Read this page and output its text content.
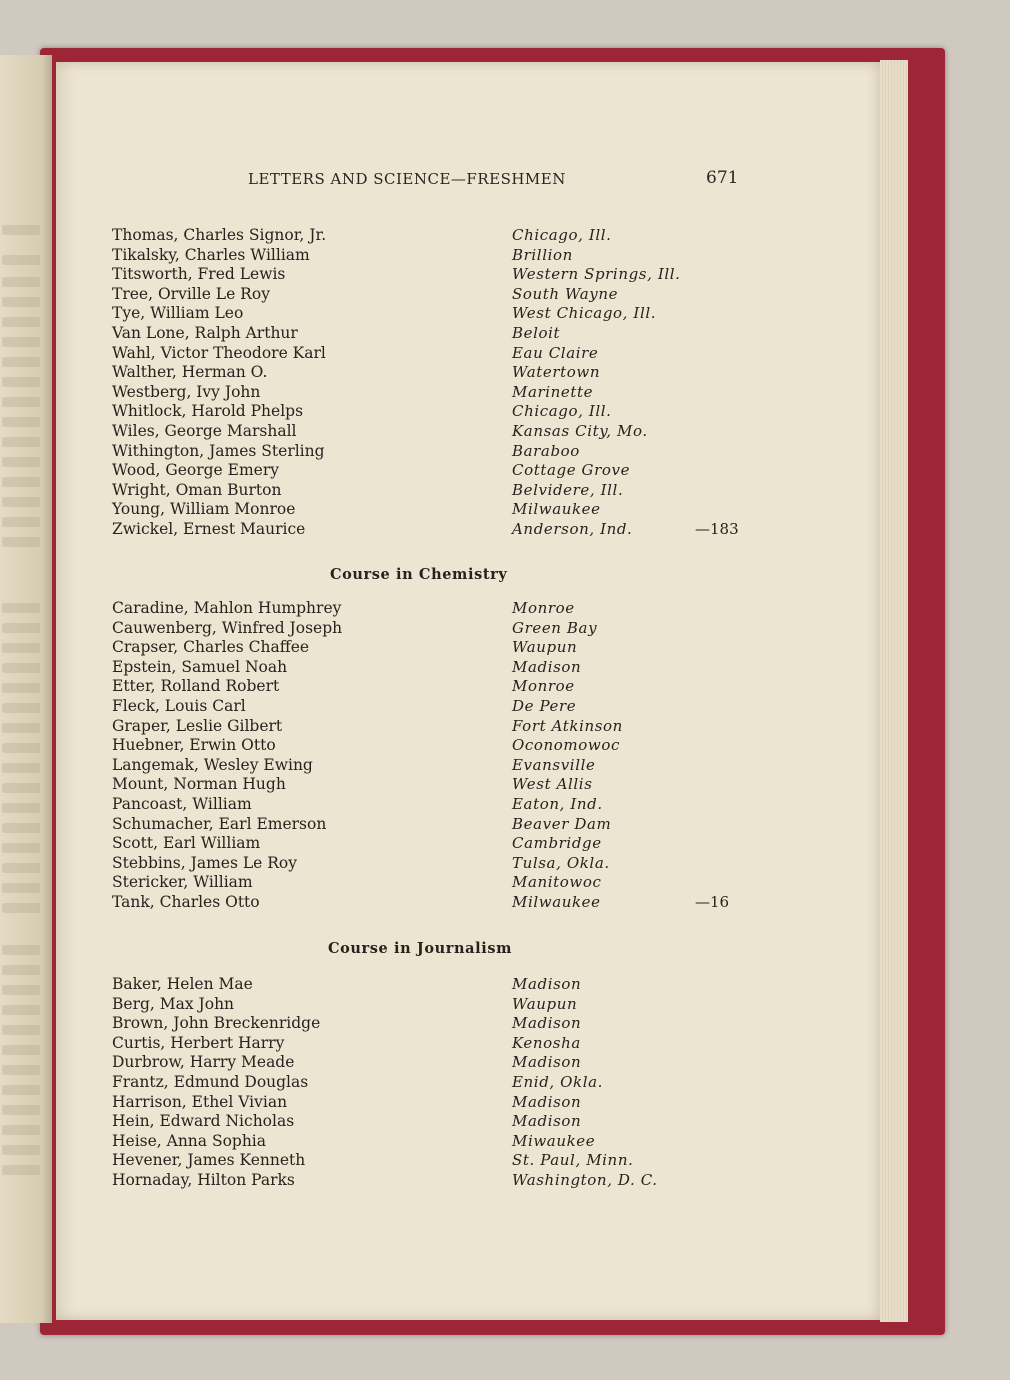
LETTERS AND SCIENCE—FRESHMEN	671
Thomas, Charles Signor, Jr.	Chicago, Ill.
Tikalsky, Charles William	Brillion
Titsworth, Fred Lewis	Western Springs, Ill.
Tree, Orville Le Roy	South Wayne
Tye, William Leo	West Chicago, Ill.
Van Lone, Ralph Arthur	Beloit
Wahl, Victor Theodore Karl	Eau Claire
Walther, Herman O.	Watertown
Westberg, Ivy John	Marinette
Whitlock, Harold Phelps	Chicago, Ill.
Wiles, George Marshall	Kansas City, Mo.
Withington, James Sterling	Baraboo
Wood, George Emery	Cottage Grove
Wright, Oman Burton	Belvidere, Ill.
Young, William Monroe	Milwaukee
Zwickel, Ernest Maurice	Anderson, Ind.	—183
Course in Chemistry
Caradine, Mahlon Humphrey	Monroe
Cauwenberg, Winfred Joseph	Green Bay
Crapser, Charles Chaffee	Waupun
Epstein, Samuel Noah	Madison
Etter, Rolland Robert	Monroe
Fleck, Louis Carl	De Pere
Graper, Leslie Gilbert	Fort Atkinson
Huebner, Erwin Otto	Oconomowoc
Langemak, Wesley Ewing	Evansville
Mount, Norman Hugh	West Allis
Pancoast, William	Eaton, Ind.
Schumacher, Earl Emerson	Beaver Dam
Scott, Earl William	Cambridge
Stebbins, James Le Roy	Tulsa, Okla.
Stericker, William	Manitowoc
Tank, Charles Otto	Milwaukee	—16
Course in Journalism
Baker, Helen Mae	Madison
Berg, Max John	Waupun
Brown, John Breckenridge	Madison
Curtis, Herbert Harry	Kenosha
Durbrow, Harry Meade	Madison
Frantz, Edmund Douglas	Enid, Okla.
Harrison, Ethel Vivian	Madison
Hein, Edward Nicholas	Madison
Heise, Anna Sophia	Miwaukee
Hevener, James Kenneth	St. Paul, Minn.
Hornaday, Hilton Parks	Washington, D. C.
